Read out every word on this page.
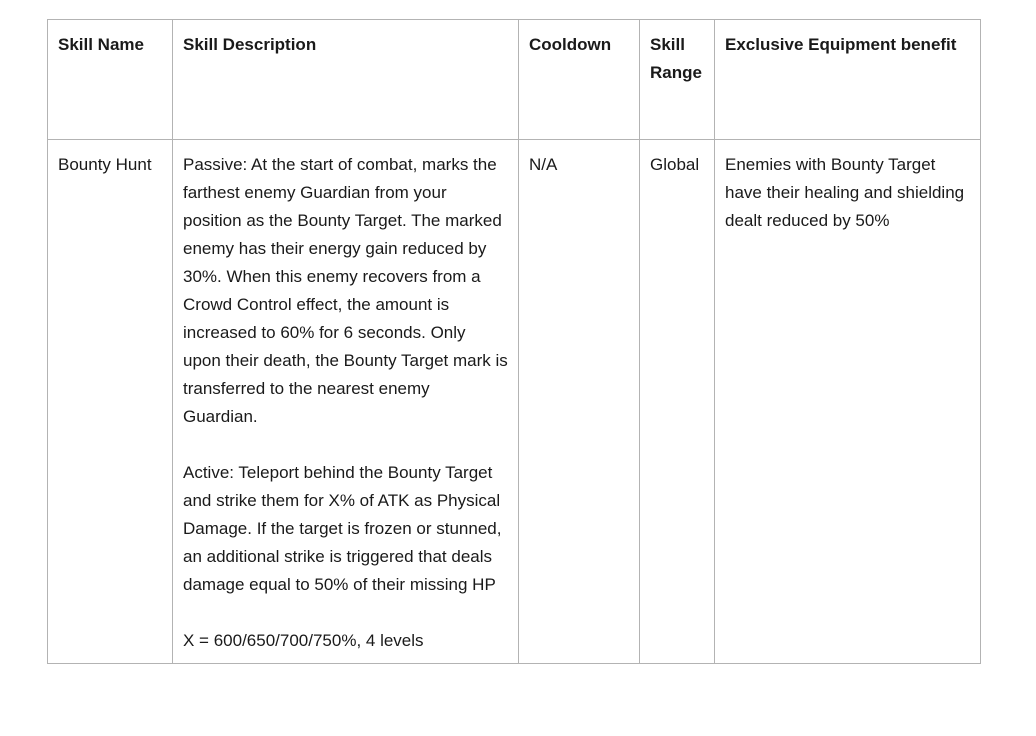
Skill Name	Skill Description	Cooldown	Skill Range	Exclusive Equipment benefit
Bounty Hunt	Passive: At the start of combat, marks the farthest enemy Guardian from your position as the Bounty Target. The marked enemy has their energy gain reduced by 30%. When this enemy recovers from a Crowd Control effect, the amount is increased to 60% for 6 seconds. Only upon their death, the Bounty Target mark is transferred to the nearest enemy Guardian.

Active: Teleport behind the Bounty Target and strike them for X% of ATK as Physical Damage. If the target is frozen or stunned, an additional strike is triggered that deals damage equal to 50% of their missing HP

X = 600/650/700/750%, 4 levels	N/A	Global	Enemies with Bounty Target have their healing and shielding dealt reduced by 50%
